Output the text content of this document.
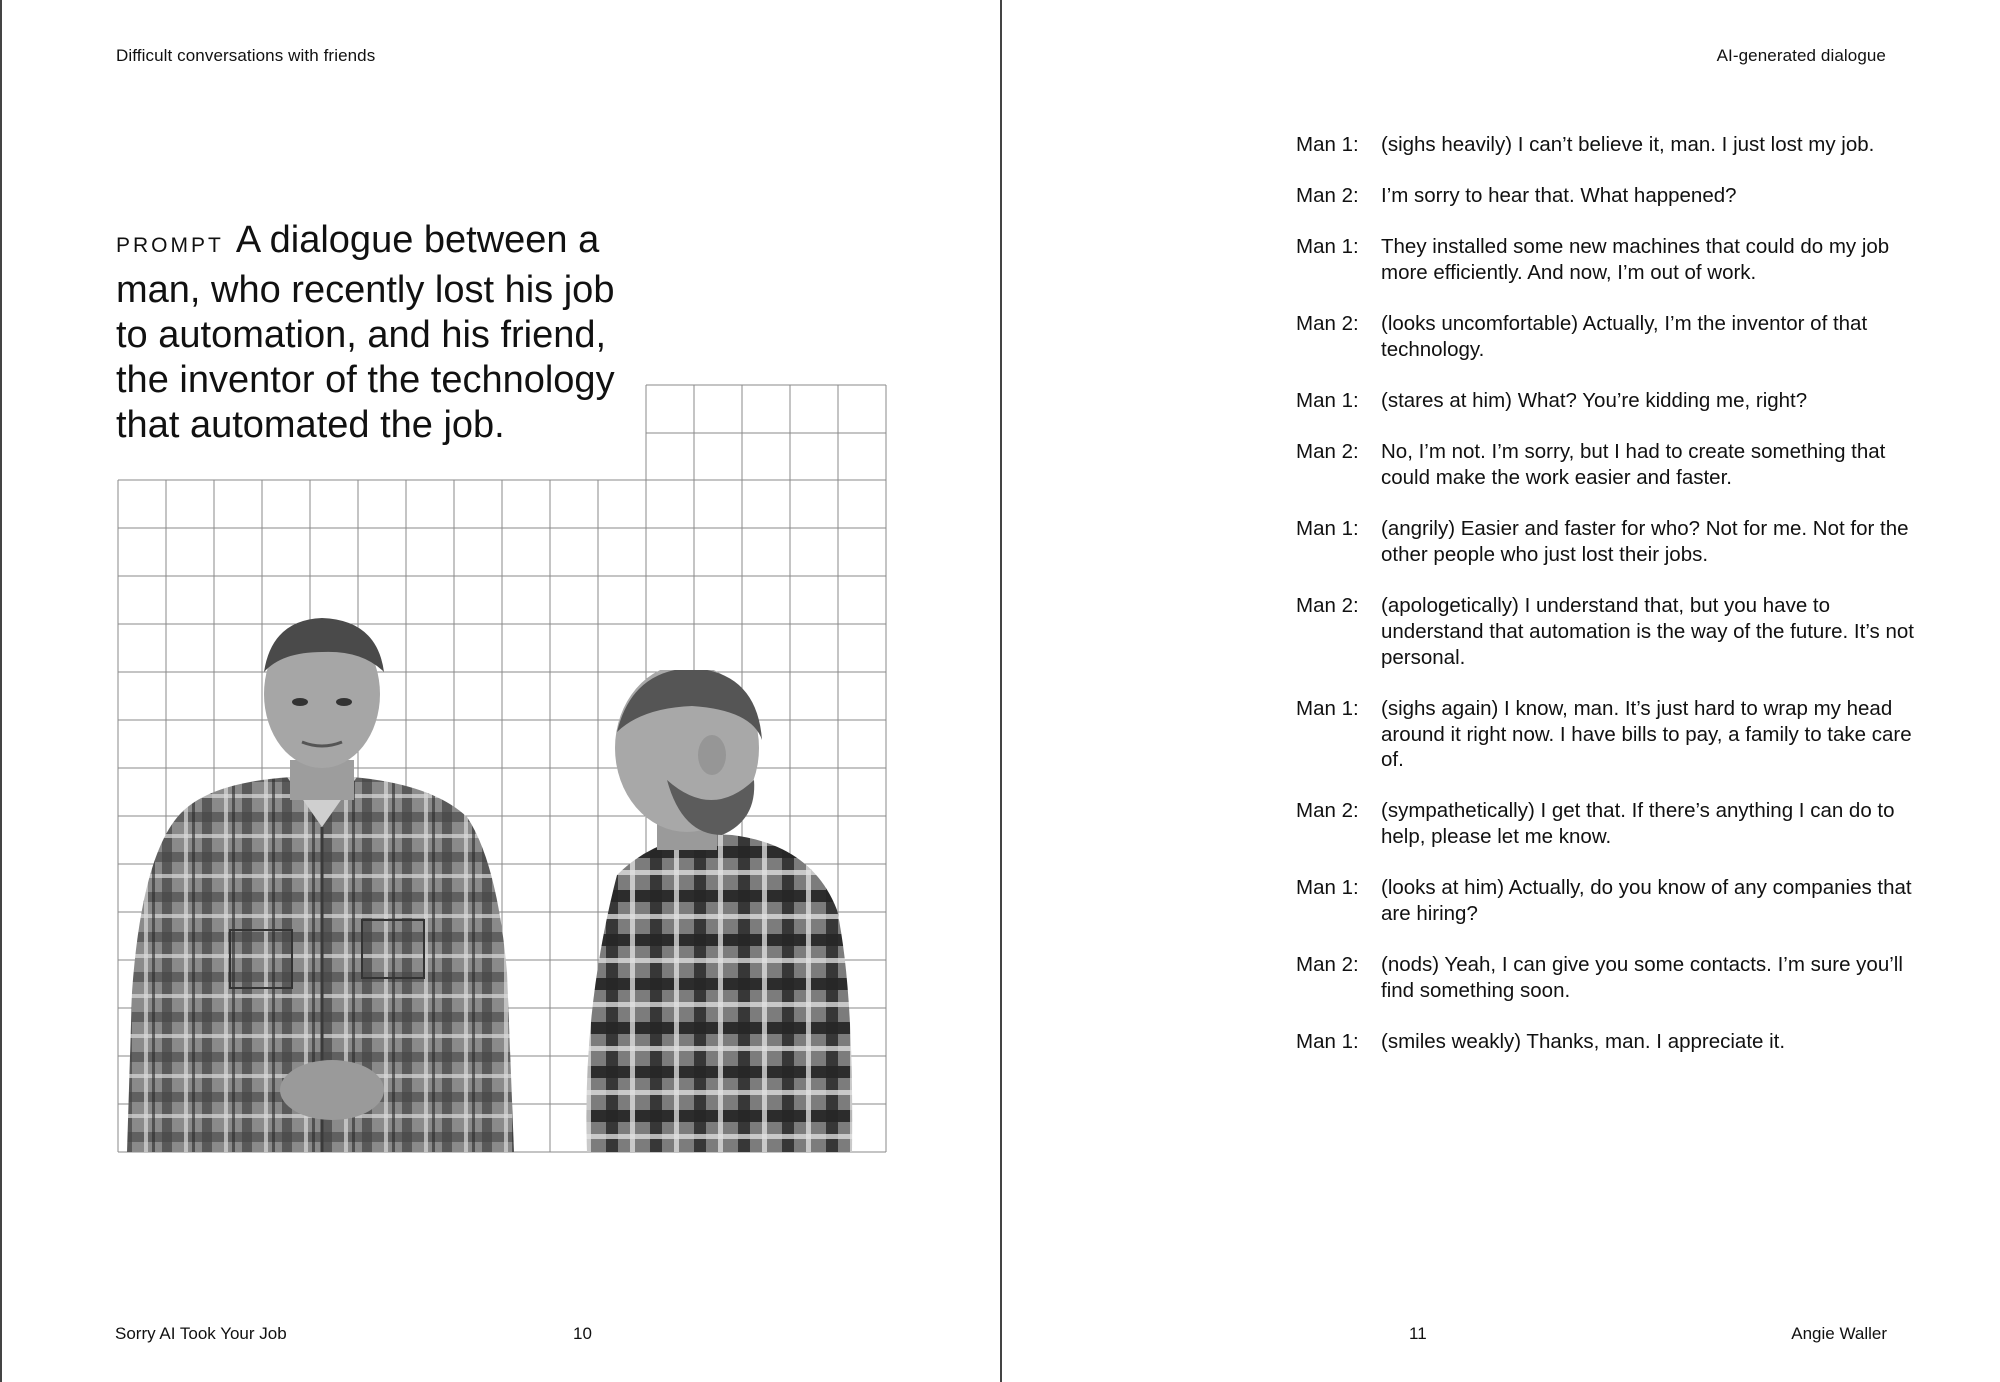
Difficult conversations with friends
PROMPT A dialogue between a man, who recently lost his job to automation, and his friend, the inventor of the technology that automated the job.
Sorry AI Took Your Job	10
AI-generated dialogue
Man 1:	(sighs heavily) I can’t believe it, man. I just lost my job.
Man 2:	I’m sorry to hear that. What happened?
Man 1:	They installed some new machines that could do my job more efficiently. And now, I’m out of work.
Man 2:	(looks uncomfortable) Actually, I’m the inventor of that technology.
Man 1:	(stares at him) What? You’re kidding me, right?
Man 2:	No, I’m not. I’m sorry, but I had to create something that could make the work easier and faster.
Man 1:	(angrily) Easier and faster for who? Not for me. Not for the other people who just lost their jobs.
Man 2:	(apologetically) I understand that, but you have to understand that automation is the way of the future. It’s not personal.
Man 1:	(sighs again) I know, man. It’s just hard to wrap my head around it right now. I have bills to pay, a family to take care of.
Man 2:	(sympathetically) I get that. If there’s anything I can do to help, please let me know.
Man 1:	(looks at him) Actually, do you know of any companies that are hiring?
Man 2:	(nods) Yeah, I can give you some contacts. I’m sure you’ll find something soon.
Man 1:	(smiles weakly) Thanks, man. I appreciate it.
11	Angie Waller
